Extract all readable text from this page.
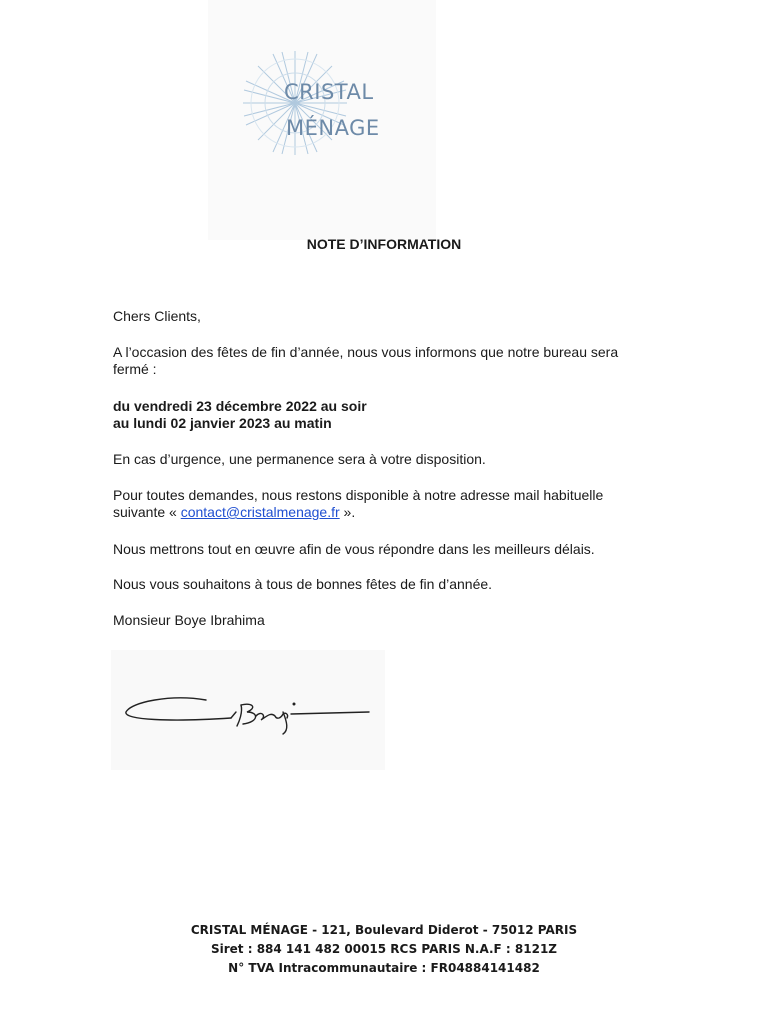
CRISTAL
MÉNAGE
NOTE D’INFORMATION

Chers Clients,

A l’occasion des fêtes de fin d’année, nous vous informons que notre bureau sera fermé :

du vendredi 23 décembre 2022 au soir

au lundi 02 janvier 2023 au matin

En cas d’urgence, une permanence sera à votre disposition.

Pour toutes demandes, nous restons disponible à notre adresse mail habituelle suivante « contact@cristalmenage.fr ».

Nous mettrons tout en œuvre afin de vous répondre dans les meilleurs délais.

Nous vous souhaitons à tous de bonnes fêtes de fin d’année.

Monsieur Boye Ibrahima

CRISTAL MÉNAGE - 121, Boulevard Diderot - 75012 PARIS
Siret : 884 141 482 00015 RCS PARIS N.A.F : 8121Z
N° TVA Intracommunautaire : FR04884141482
